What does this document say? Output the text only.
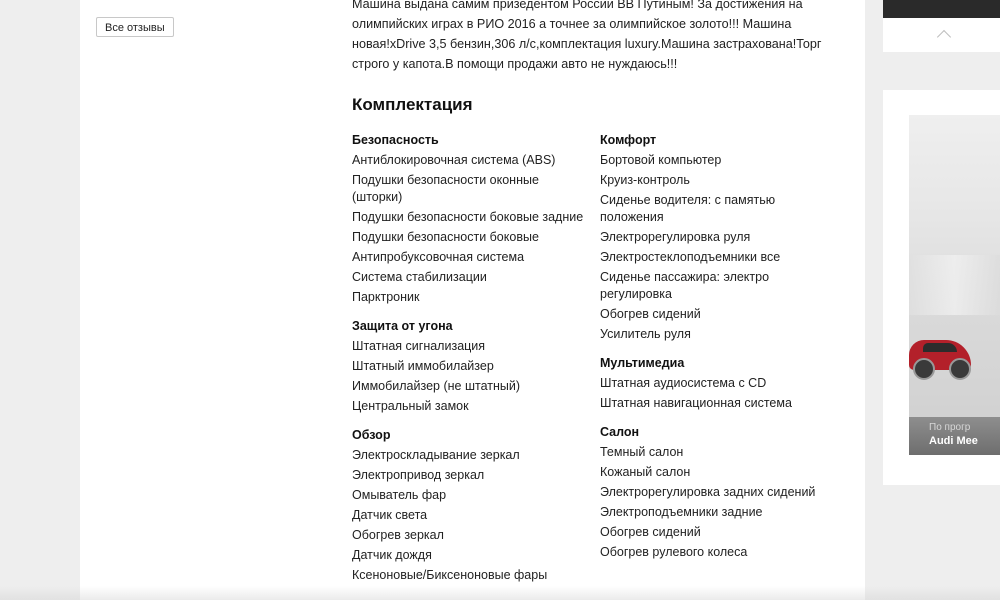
Все отзывы
Машина выдана самим призедентом России ВВ Путиным! За достижения на
олимпийских играх в РИО 2016 а точнее за олимпийское золото!!! Машина
новая!xDrive 3,5 бензин,306 л/с,комплектация luxury.Машина застрахована!Торг
строго у капота.В помощи продажи авто не нуждаюсь!!!
Комплектация
Безопасность
Антиблокировочная система (ABS)
Подушки безопасности оконные (шторки)
Подушки безопасности боковые задние
Подушки безопасности боковые
Антипробуксовочная система
Система стабилизации
Парктроник
Защита от угона
Штатная сигнализация
Штатный иммобилайзер
Иммобилайзер (не штатный)
Центральный замок
Обзор
Электроскладывание зеркал
Электропривод зеркал
Омыватель фар
Датчик света
Обогрев зеркал
Датчик дождя
Ксеноновые/Биксеноновые фары
Комфорт
Бортовой компьютер
Круиз-контроль
Сиденье водителя: с памятью положения
Электрорегулировка руля
Электростеклоподъемники все
Сиденье пассажира: электро регулировка
Обогрев сидений
Усилитель руля
Мультимедиа
Штатная аудиосистема с CD
Штатная навигационная система
Салон
Темный салон
Кожаный салон
Электрорегулировка задних сидений
Электроподъемники задние
Обогрев сидений
Обогрев рулевого колеса
По прогр
Audi Mee
